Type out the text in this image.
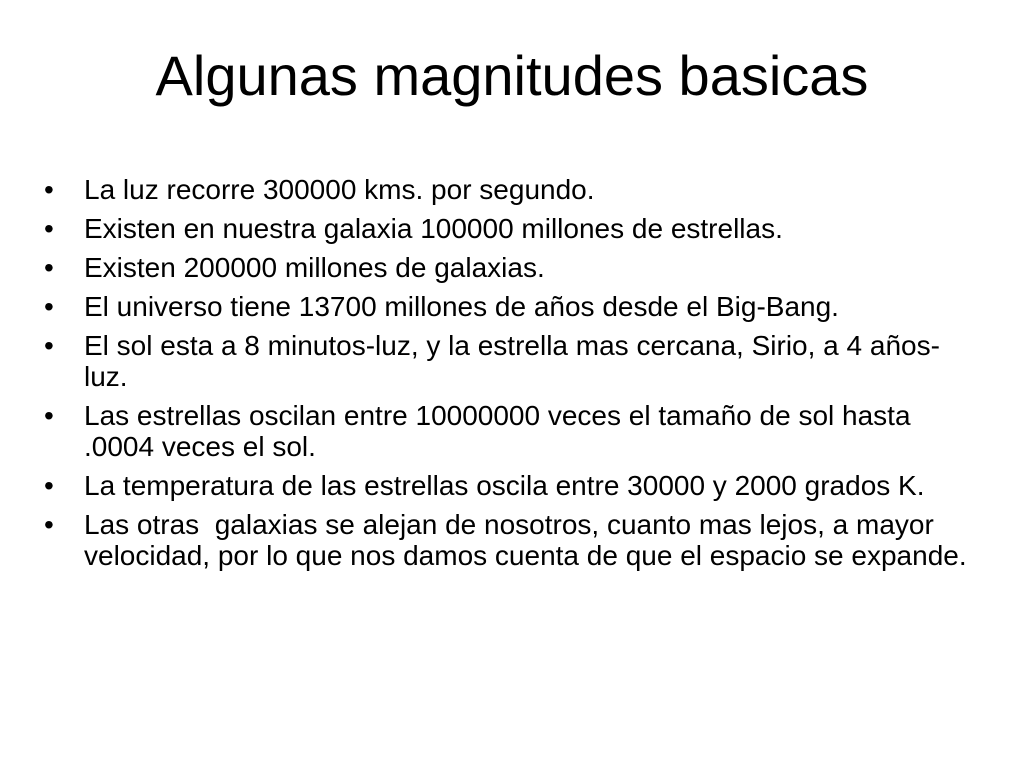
Algunas magnitudes basicas
•	La luz recorre 300000 kms. por segundo.
•	Existen en nuestra galaxia 100000 millones de estrellas.
•	Existen 200000 millones de galaxias.
•	El universo tiene 13700 millones de años desde el Big-​Bang.
•	El sol esta a 8 minutos-luz, y la estrella mas cercana, Sirio, a 4 años-luz.
•	Las estrellas oscilan entre 10000000 veces el tamaño de sol hasta .0004 veces el sol.
•	La temperatura de las estrellas oscila entre 30000 y 2000 grados K.
•	Las otras  galaxias se alejan de nosotros, cuanto mas lejos, a mayor velocidad, por lo que nos damos cuenta de que el espacio se expande.
